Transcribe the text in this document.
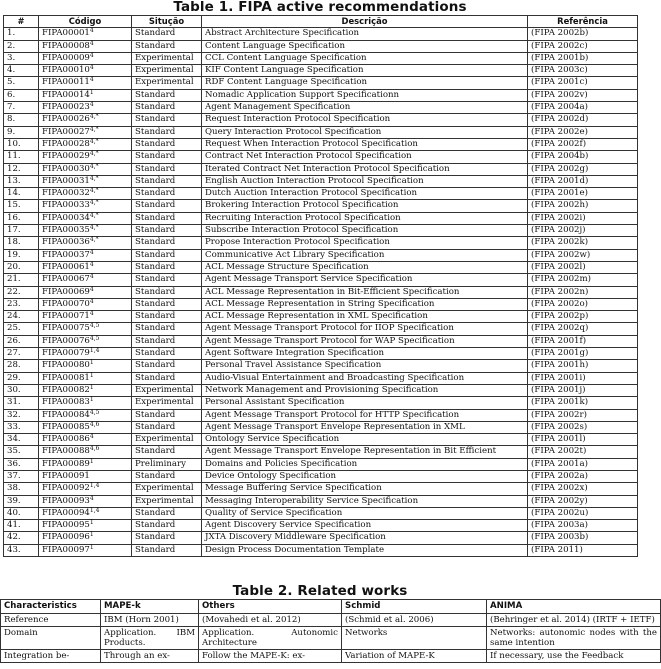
Table 1. FIPA active recommendations
#	Código	Situção	Descrição	Referência
1.	FIPA00001$^4$	Standard	Abstract Architecture Specification	(FIPA 2002b)
2.	FIPA00008$^4$	Standard	Content Language Specification	(FIPA 2002c)
3.	FIPA00009$^4$	Experimental	CCL Content Language Specification	(FIPA 2001b)
4.	FIPA00010$^4$	Experimental	KIF Content Language Specification	(FIPA 2003c)
5.	FIPA00011$^4$	Experimental	RDF Content Language Specification	(FIPA 2001c)
6.	FIPA00014$^1$	Standard	Nomadic Application Support Specificationn	(FIPA 2002v)
7.	FIPA00023$^4$	Standard	Agent Management Specification	(FIPA 2004a)
8.	$FIPA00026^{4,*}$	Standard	Request Interaction Protocol Specification	(FIPA 2002d)
9.	$FIPA00027^{4,*}$	Standard	Query Interaction Protocol Specification	(FIPA 2002e)
10.	$FIPA00028^{4,*}$	Standard	Request When Interaction Protocol Specification	(FIPA 2002f)
11.	$FIPA00029^{4,*}$	Standard	Contract Net Interaction Protocol Specification	(FIPA 2004b)
12.	$FIPA00030^{4,*}$	Standard	Iterated Contract Net Interaction Protocol Specification	(FIPA 2002g)
13.	$FIPA00031^{4,*}$	Standard	English Auction Interaction Protocol Specification	(FIPA 2001d)
14.	$FIPA00032^{4,*}$	Standard	Dutch Auction Interaction Protocol Specification	(FIPA 2001e)
15.	$FIPA00033^{4,*}$	Standard	Brokering Interaction Protocol Specification	(FIPA 2002h)
16.	$FIPA00034^{4,*}$	Standard	Recruiting Interaction Protocol Specification	(FIPA 2002i)
17.	$FIPA00035^{4,*}$	Standard	Subscribe Interaction Protocol Specification	(FIPA 2002j)
18.	$FIPA00036^{4,*}$	Standard	Propose Interaction Protocol Specification	(FIPA 2002k)
19.	FIPA00037$^4$	Standard	Communicative Act Library Specification	(FIPA 2002w)
20.	FIPA00061$^4$	Standard	ACL Message Structure Specification	(FIPA 2002l)
21.	FIPA00067$^4$	Standard	Agent Message Transport Service Specification	(FIPA 2002m)
22.	FIPA00069$^4$	Standard	ACL Message Representation in Bit-Efficient Specification	(FIPA 2002n)
23.	FIPA00070$^4$	Standard	ACL Message Representation in String Specification	(FIPA 2002o)
24.	FIPA00071$^4$	Standard	ACL Message Representation in XML Specification	(FIPA 2002p)
25.	FIPA00075$^{4,5}$	Standard	Agent Message Transport Protocol for IIOP Specification	(FIPA 2002q)
26.	FIPA00076$^{4,5}$	Standard	Agent Message Transport Protocol for WAP Specification	(FIPA 2001f)
27.	FIPA00079$^{1,4}$	Standard	Agent Software Integration Specification	(FIPA 2001g)
28.	FIPA00080$^1$	Standard	Personal Travel Assistance Specification	(FIPA 2001h)
29.	FIPA00081$^1$	Standard	Audio-Visual Entertainment and Broadcasting Specification	(FIPA 2001i)
30.	FIPA00082$^1$	Experimental	Network Management and Provisioning Specification	(FIPA 2001j)
31.	FIPA00083$^1$	Experimental	Personal Assistant Specification	(FIPA 2001k)
32.	FIPA00084$^{4,5}$	Standard	Agent Message Transport Protocol for HTTP Specification	(FIPA 2002r)
33.	FIPA00085$^{4,6}$	Standard	Agent Message Transport Envelope Representation in XML	(FIPA 2002s)
34.	FIPA00086$^4$	Experimental	Ontology Service Specification	(FIPA 2001l)
35.	FIPA00088$^{4,6}$	Standard	Agent Message Transport Envelope Representation in Bit Efficient	(FIPA 2002t)
36.	FIPA00089$^1$	Preliminary	Domains and Policies Specification	(FIPA 2001a)
37.	FIPA00091	Standard	Device Ontology Specification	(FIPA 2002a)
38.	FIPA00092$^{1,4}$	Experimental	Message Buffering Service Specification	(FIPA 2002x)
39.	FIPA00093$^4$	Experimental	Messaging Interoperability Service Specification	(FIPA 2002y)
40.	FIPA00094$^{1,4}$	Standard	Quality of Service Specification	(FIPA 2002u)
41.	FIPA00095$^1$	Standard	Agent Discovery Service Specification	(FIPA 2003a)
42.	FIPA00096$^1$	Standard	JXTA Discovery Middleware Specification	(FIPA 2003b)
43.	FIPA00097$^1$	Standard	Design Process Documentation Template	(FIPA 2011)
Table 2. Related works
Characteristics	MAPE-k	Others	Schmid	ANIMA
Reference	IBM (Horn 2001)	(Movahedi et al. 2012)	(Schmid et al. 2006)	(Behringer et al. 2014) (IRTF + IETF)
Domain	Application. IBM Products.	Application. Autonomic Architecture	Networks	Networks: autonomic nodes with the same intention
Integration be-	Through an ex-	Follow the MAPE-K: ex-	Variation of MAPE-K	If necessary, use the Feedback
